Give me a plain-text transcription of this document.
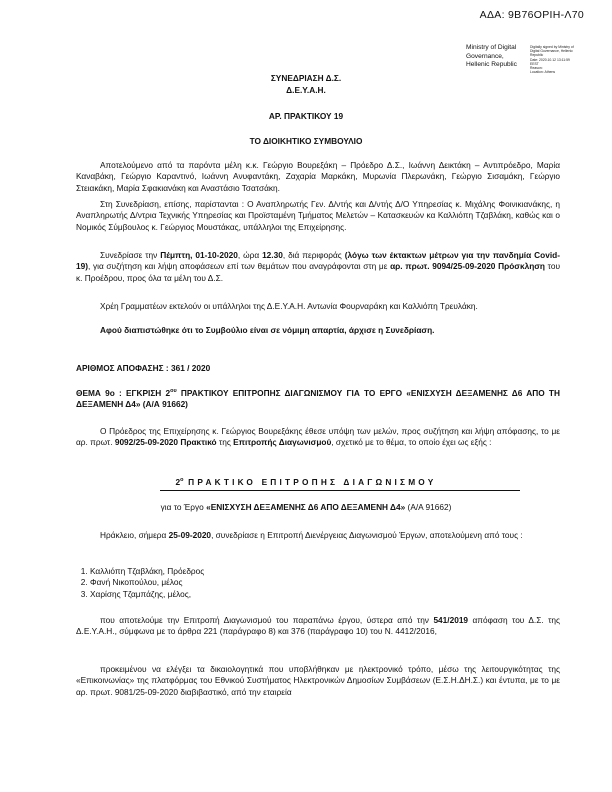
ΑΔΑ: 9Β76ΟΡΙΗ-Λ70
Ministry of Digital
Governance,
Hellenic Republic
Digitally signed by Ministry of
Digital Governance, Hellenic
Republic
Date: 2020.10.12 13:11:59
EEST
Reason:
Location: Athens
ΣΥΝΕΔΡΙΑΣΗ Δ.Σ.
Δ.Ε.Υ.Α.Η.
ΑΡ. ΠΡΑΚΤΙΚΟΥ 19
ΤΟ ΔΙΟΙΚΗΤΙΚΟ ΣΥΜΒΟΥΛΙΟ
Αποτελούμενο από τα παρόντα μέλη κ.κ. Γεώργιο Βουρεξάκη – Πρόεδρο Δ.Σ., Ιωάννη Δεικτάκη – Αντιπρόεδρο, Μαρία Καναβάκη, Γεώργιο Καραντινό, Ιωάννη Ανυφαντάκη, Ζαχαρία Μαρκάκη, Μυρωνία Πλερωνάκη, Γεώργιο Σισαμάκη, Γεώργιο Στειακάκη, Μαρία Σφακιανάκη και Αναστάσιο Τσατσάκη.
Στη Συνεδρίαση, επίσης, παρίστανται : Ο Αναπληρωτής Γεν. Δ/ντής και Δ/ντής Δ/Ο Υπηρεσίας κ. Μιχάλης Φοινικιανάκης, η Αναπληρωτής Δ/ντρια Τεχνικής Υπηρεσίας και Προϊσταμένη Τμήματος Μελετών – Κατασκευών κα Καλλιόπη Τζαβλάκη, καθώς και ο Νομικός Σύμβουλος κ. Γεώργιος Μουστάκας, υπάλληλοι της Επιχείρησης.
Συνεδρίασε την Πέμπτη, 01-10-2020, ώρα 12.30, διά περιφοράς (λόγω των έκτακτων μέτρων για την πανδημία Covid-19), για συζήτηση και λήψη αποφάσεων επί των θεμάτων που αναγράφονται στη με αρ. πρωτ. 9094/25-09-2020 Πρόσκληση του κ. Προέδρου, προς όλα τα μέλη του Δ.Σ.
Χρέη Γραμματέων εκτελούν οι υπάλληλοι της Δ.Ε.Υ.Α.Η. Αντωνία Φουρναράκη και Καλλιόπη Τρευλάκη.
Αφού διαπιστώθηκε ότι το Συμβούλιο είναι σε νόμιμη απαρτία, άρχισε η Συνεδρίαση.
ΑΡΙΘΜΟΣ ΑΠΟΦΑΣΗΣ : 361 / 2020
ΘΕΜΑ 9ο : ΕΓΚΡΙΣΗ $2^{o\upsilon}$ ΠΡΑΚΤΙΚΟΥ ΕΠΙΤΡΟΠΗΣ ΔΙΑΓΩΝΙΣΜΟΥ ΓΙΑ ΤΟ ΕΡΓΟ «ΕΝΙΣΧΥΣΗ ΔΕΞΑΜΕΝΗΣ Δ6 ΑΠΟ ΤΗ ΔΕΞΑΜΕΝΗ Δ4» (Α/Α 91662)
Ο Πρόεδρος της Επιχείρησης κ. Γεώργιος Βουρεξάκης έθεσε υπόψη των μελών, προς συζήτηση και λήψη απόφασης, το με αρ. πρωτ. 9092/25-09-2020 Πρακτικό της Επιτροπής Διαγωνισμού, σχετικό με το θέμα, το οποίο έχει ως εξής :
$2^o$ ΠΡΑΚΤΙΚΟ ΕΠΙΤΡΟΠΗΣ ΔΙΑΓΩΝΙΣΜΟΥ
για το Έργο «ΕΝΙΣΧΥΣΗ ΔΕΞΑΜΕΝΗΣ Δ6 ΑΠΟ ΔΕΞΑΜΕΝΗ Δ4» (Α/Α 91662)
Ηράκλειο, σήμερα 25-09-2020, συνεδρίασε η Επιτροπή Διενέργειας Διαγωνισμού Έργων, αποτελούμενη από τους :
1. Καλλιόπη Τζαβλάκη, Πρόεδρος
2. Φανή Νικοπούλου, μέλος
3. Χαρίσης Τζαμπάζης, μέλος,
που αποτελούμε την Επιτροπή Διαγωνισμού του παραπάνω έργου, ύστερα από την 541/2019 απόφαση του Δ.Σ. της Δ.Ε.Υ.Α.Η., σύμφωνα με το άρθρα 221 (παράγραφο 8) και 376 (παράγραφο 10) του Ν. 4412/2016,
προκειμένου να ελέγξει τα δικαιολογητικά που υποβλήθηκαν με ηλεκτρονικό τρόπο, μέσω της λειτουργικότητας της «Επικοινωνίας» της πλατφόρμας του Εθνικού Συστήματος Ηλεκτρονικών Δημοσίων Συμβάσεων (Ε.Σ.Η.ΔΗ.Σ.) και έντυπα, με το με αρ. πρωτ. 9081/25-09-2020 διαβιβαστικό, από την εταιρεία
